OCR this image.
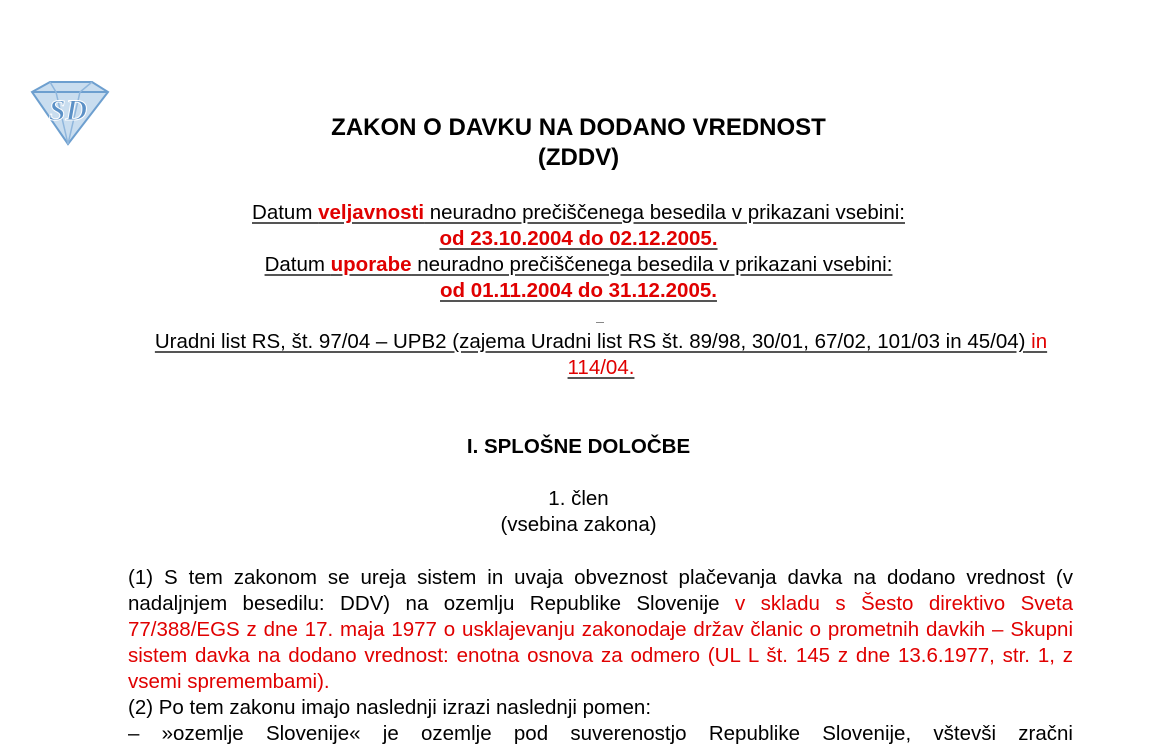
SD
ZAKON O DAVKU NA DODANO VREDNOST
(ZDDV)
Datum veljavnosti neuradno prečiščenega besedila v prikazani vsebini:
od 23.10.2004 do 02.12.2005.
Datum uporabe neuradno prečiščenega besedila v prikazani vsebini:
od 01.11.2004 do 31.12.2005.
Uradni list RS, št. 97/04 – UPB2 (zajema Uradni list RS št. 89/98, 30/01, 67/02, 101/03 in 45/04) in 114/04.
I. SPLOŠNE DOLOČBE
1. člen
(vsebina zakona)

(1) S tem zakonom se ureja sistem in uvaja obveznost plačevanja davka na dodano vrednost (v nadaljnjem besedilu: DDV) na ozemlju Republike Slovenije v skladu s Šesto direktivo Sveta 77/388/EGS z dne 17. maja 1977 o usklajevanju zakonodaje držav članic o prometnih davkih – Skupni sistem davka na dodano vrednost: enotna osnova za odmero (UL L št. 145 z dne 13.6.1977, str. 1, z vsemi spremembami).

(2) Po tem zakonu imajo naslednji izrazi naslednji pomen:

– »ozemlje Slovenije« je ozemlje pod suverenostjo Republike Slovenije, vštevši zračni
